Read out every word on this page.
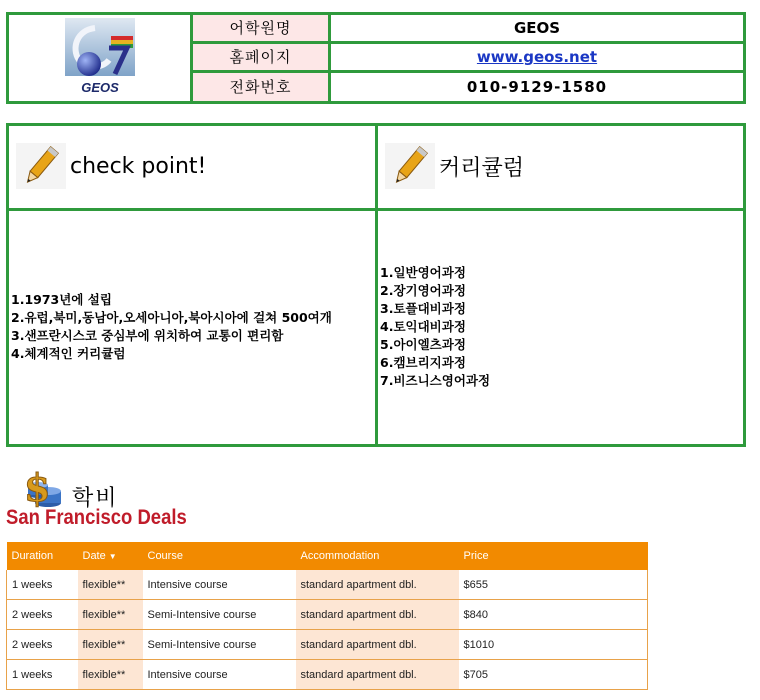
GEOS
어학원명	GEOS
홈페이지	www.geos.net
전화번호	010-9129-1580
check point!	커리큘럼
1.1973년에 설립
2.유럽,북미,동남아,오세아니아,북아시아에 걸쳐 500여개
3.샌프란시스코 중심부에 위치하여 교통이 편리함
4.체계적인 커리큘럼
1.일반영어과정
2.장기영어과정
3.토플대비과정
4.토익대비과정
5.아이엘츠과정
6.캠브리지과정
7.비즈니스영어과정
$ 학비
San Francisco Deals
Duration	Date ▼	Course	Accommodation	Price
1 weeks	flexible**	Intensive course	standard apartment dbl.	$655
2 weeks	flexible**	Semi-Intensive course	standard apartment dbl.	$840
2 weeks	flexible**	Semi-Intensive course	standard apartment dbl.	$1010
1 weeks	flexible**	Intensive course	standard apartment dbl.	$705
